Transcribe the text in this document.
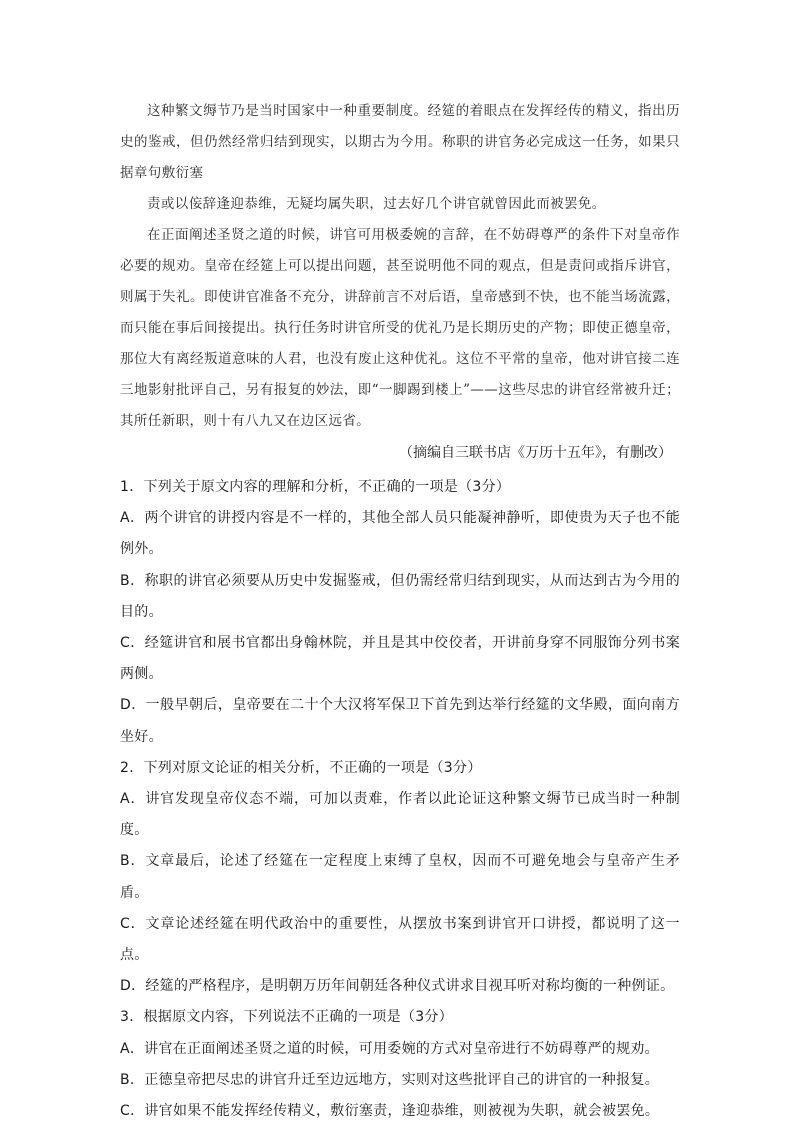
这种繁文缛节乃是当时国家中一种重要制度。经筵的着眼点在发挥经传的精义，指出历史的鉴戒，但仍然经常归结到现实，以期古为今用。称职的讲官务必完成这一任务，如果只据章句敷衍塞

责或以侫辞逢迎恭维，无疑均属失职，过去好几个讲官就曾因此而被罢免。

在正面阐述圣贤之道的时候，讲官可用极委婉的言辞，在不妨碍尊严的条件下对皇帝作必要的规劝。皇帝在经筵上可以提出问题，甚至说明他不同的观点，但是责问或指斥讲官，则属于失礼。即使讲官准备不充分，讲辞前言不对后语，皇帝感到不快，也不能当场流露，而只能在事后间接提出。执行任务时讲官所受的优礼乃是长期历史的产物；即使正德皇帝，那位大有离经叛道意味的人君，也没有废止这种优礼。这位不平常的皇帝，他对讲官接二连三地影射批评自己，另有报复的妙法，即“一脚踢到楼上”——这些尽忠的讲官经常被升迁；其所任新职，则十有八九又在边区远省。

（摘编自三联书店《万历十五年》，有删改）
1．下列关于原文内容的理解和分析，不正确的一项是（3分）
A．两个讲官的讲授内容是不一样的，其他全部人员只能凝神静听，即使贵为天子也不能例外。
B．称职的讲官必须要从历史中发掘鉴戒，但仍需经常归结到现实，从而达到古为今用的目的。
C．经筵讲官和展书官都出身翰林院，并且是其中佼佼者，开讲前身穿不同服饰分列书案两侧。
D．一般早朝后，皇帝要在二十个大汉将军保卫下首先到达举行经筵的文华殿，面向南方坐好。
2．下列对原文论证的相关分析，不正确的一项是（3分）
A．讲官发现皇帝仪态不端，可加以责难，作者以此论证这种繁文缛节已成当时一种制度。
B．文章最后，论述了经筵在一定程度上束缚了皇权，因而不可避免地会与皇帝产生矛盾。
C．文章论述经筵在明代政治中的重要性，从摆放书案到讲官开口讲授，都说明了这一点。
D．经筵的严格程序，是明朝万历年间朝廷各种仪式讲求目视耳听对称均衡的一种例证。
3．根据原文内容，下列说法不正确的一项是（3分）
A．讲官在正面阐述圣贤之道的时候，可用委婉的方式对皇帝进行不妨碍尊严的规劝。
B．正德皇帝把尽忠的讲官升迁至边远地方，实则对这些批评自己的讲官的一种报复。
C．讲官如果不能发挥经传精义，敷衍塞责，逢迎恭维，则被视为失职，就会被罢免。
